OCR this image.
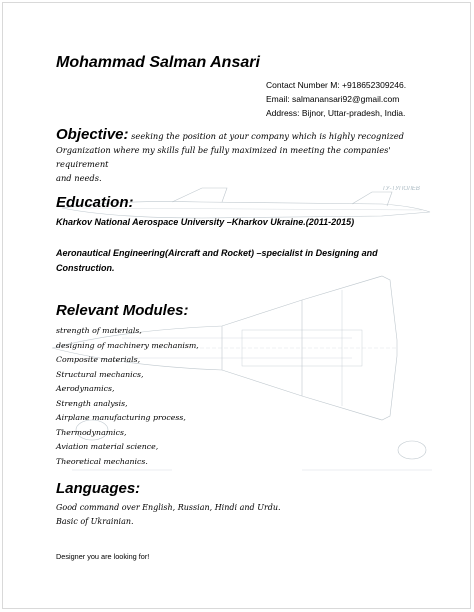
ТУ-ТУПОЛЕВ
Mohammad Salman Ansari
Contact Number M: +918652309246.
Email: salmanansari92@gmail.com
Address: Bijnor, Uttar-pradesh, India.
Objective: seeking the position at your company which is highly recognized
Organization where my skills full be fully maximized in meeting the companies' requirement
and needs.
Education:
Kharkov National Aerospace University –Kharkov Ukraine.(2011-2015)
Aeronautical Engineering(Aircraft and Rocket) –specialist in Designing and
Construction.
Relevant Modules:
strength of materials,
designing of machinery mechanism,
Composite materials,
Structural mechanics,
Aerodynamics,
Strength analysis,
Airplane manufacturing process,
Thermodynamics,
Aviation material science,
Theoretical mechanics.
Languages:
Good command over English, Russian, Hindi and Urdu.
Basic of Ukrainian.
Designer you are looking for!
